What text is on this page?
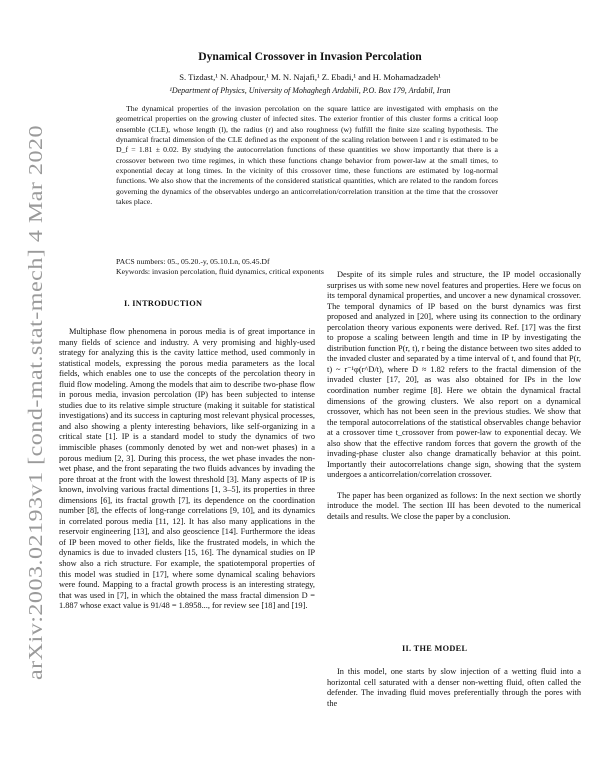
arXiv:2003.02193v1 [cond-mat.stat-mech] 4 Mar 2020
Dynamical Crossover in Invasion Percolation
S. Tizdast,¹ N. Ahadpour,¹ M. N. Najafi,¹ Z. Ebadi,¹ and H. Mohamadzadeh¹
¹Department of Physics, University of Mohaghegh Ardabili, P.O. Box 179, Ardabil, Iran
The dynamical properties of the invasion percolation on the square lattice are investigated with emphasis on the geometrical properties on the growing cluster of infected sites. The exterior frontier of this cluster forms a critical loop ensemble (CLE), whose length (l), the radius (r) and also roughness (w) fulfill the finite size scaling hypothesis. The dynamical fractal dimension of the CLE defined as the exponent of the scaling relation between l and r is estimated to be D_f = 1.81 ± 0.02. By studying the autocorrelation functions of these quantities we show importantly that there is a crossover between two time regimes, in which these functions change behavior from power-law at the small times, to exponential decay at long times. In the vicinity of this crossover time, these functions are estimated by log-normal functions. We also show that the increments of the considered statistical quantities, which are related to the random forces governing the dynamics of the observables undergo an anticorrelation/correlation transition at the time that the crossover takes place.
PACS numbers: 05., 05.20.-y, 05.10.Ln, 05.45.Df
Keywords: invasion percolation, fluid dynamics, critical exponents
I. INTRODUCTION

Multiphase flow phenomena in porous media is of great importance in many fields of science and industry. A very promising and highly-used strategy for analyzing this is the cavity lattice method, used commonly in statistical models, expressing the porous media parameters as the local fields, which enables one to use the concepts of the percolation theory in fluid flow modeling. Among the models that aim to describe two-phase flow in porous media, invasion percolation (IP) has been subjected to intense studies due to its relative simple structure (making it suitable for statistical investigations) and its success in capturing most relevant physical processes, and also showing a plenty interesting behaviors, like self-organizing in a critical state [1]. IP is a standard model to study the dynamics of two immiscible phases (commonly denoted by wet and non-wet phases) in a porous medium [2, 3]. During this process, the wet phase invades the non-wet phase, and the front separating the two fluids advances by invading the pore throat at the front with the lowest threshold [3]. Many aspects of IP is known, involving various fractal dimentions [1, 3–5], its properties in three dimensions [6], its fractal growth [7], its dependence on the coordination number [8], the effects of long-range correlations [9, 10], and its dynamics in correlated porous media [11, 12]. It has also many applications in the reservoir engineering [13], and also geoscience [14]. Furthermore the ideas of IP been moved to other fields, like the frustrated models, in which the dynamics is due to invaded clusters [15, 16]. The dynamical studies on IP show also a rich structure. For example, the spatiotemporal properties of this model was studied in [17], where some dynamical scaling behaviors were found. Mapping to a fractal growth process is an interesting strategy, that was used in [7], in which the obtained the mass fractal dimension D = 1.887 whose exact value is 91/48 = 1.8958..., for review see [18] and [19].

Despite of its simple rules and structure, the IP model occasionally surprises us with some new novel features and properties. Here we focus on its temporal dynamical properties, and uncover a new dynamical crossover. The temporal dynamics of IP based on the burst dynamics was first proposed and analyzed in [20], where using its connection to the ordinary percolation theory various exponents were derived. Ref. [17] was the first to propose a scaling between length and time in IP by investigating the distribution function P(r, t), r being the distance between two sites added to the invaded cluster and separated by a time interval of t, and found that P(r, t) ~ r⁻¹φ(r^D/t), where D ≈ 1.82 refers to the fractal dimension of the invaded cluster [17, 20], as was also obtained for IPs in the low coordination number regime [8]. Here we obtain the dynamical fractal dimensions of the growing clusters. We also report on a dynamical crossover, which has not been seen in the previous studies. We show that the temporal autocorrelations of the statistical observables change behavior at a crossover time t_crossover from power-law to exponential decay. We also show that the effective random forces that govern the growth of the invading-phase cluster also change dramatically behavior at this point. Importantly their autocorrelations change sign, showing that the system undergoes a anticorrelation/correlation crossover.

The paper has been organized as follows: In the next section we shortly introduce the model. The section III has been devoted to the numerical details and results. We close the paper by a conclusion.

II. THE MODEL

In this model, one starts by slow injection of a wetting fluid into a horizontal cell saturated with a denser non-wetting fluid, often called the defender. The invading fluid moves preferentially through the pores with the
